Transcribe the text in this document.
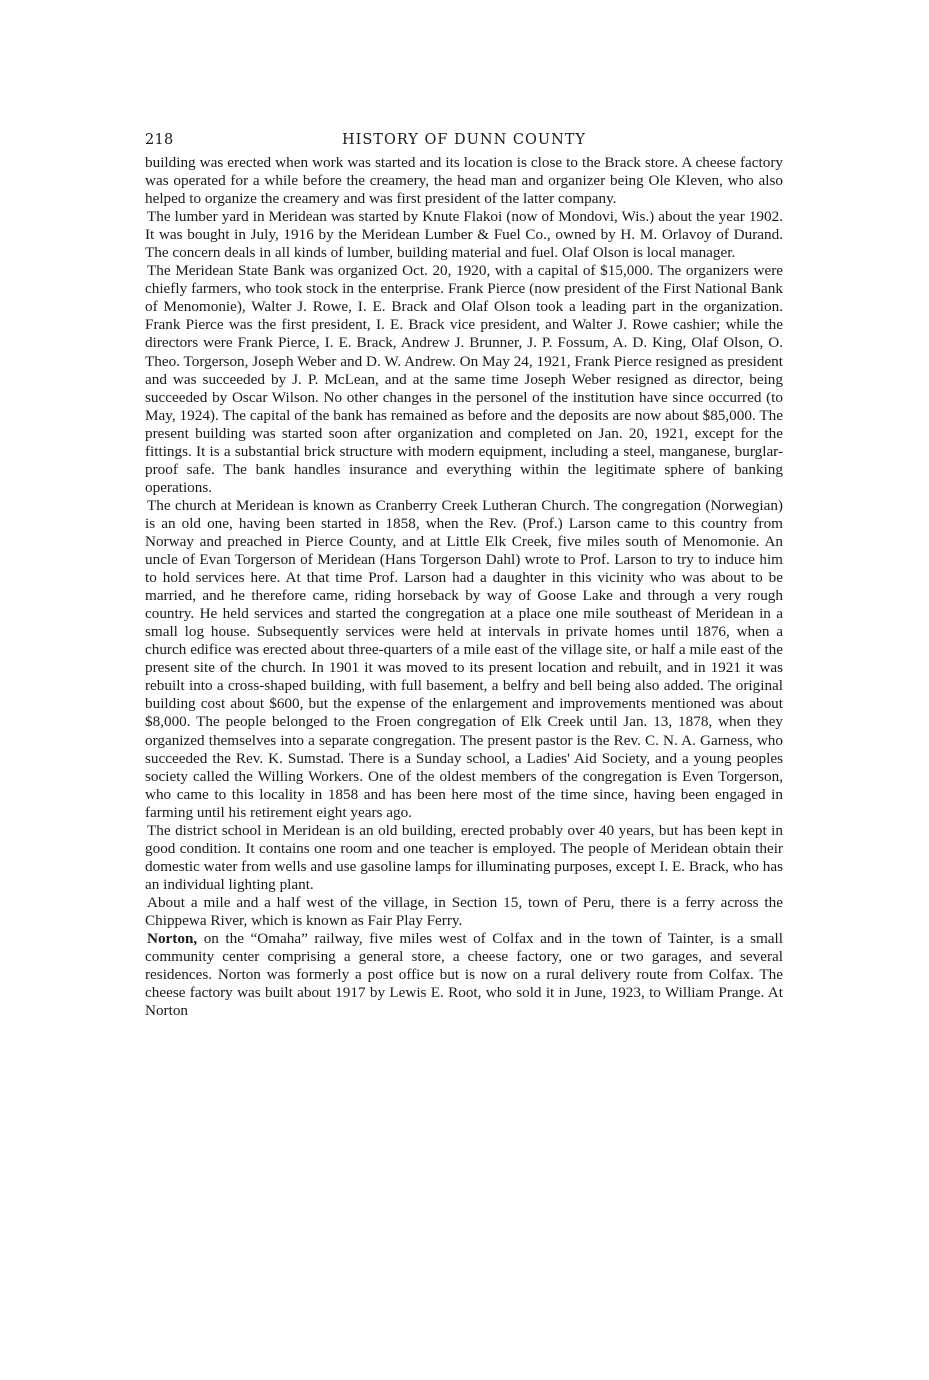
218	HISTORY OF DUNN COUNTY

building was erected when work was started and its location is close to the Brack store. A cheese factory was operated for a while before the creamery, the head man and organizer being Ole Kleven, who also helped to organize the creamery and was first president of the latter company.

The lumber yard in Meridean was started by Knute Flakoi (now of Mondovi, Wis.) about the year 1902. It was bought in July, 1916 by the Meridean Lumber & Fuel Co., owned by H. M. Orlavoy of Durand. The concern deals in all kinds of lumber, building material and fuel. Olaf Olson is local manager.

The Meridean State Bank was organized Oct. 20, 1920, with a capital of $15,000. The organizers were chiefly farmers, who took stock in the enterprise. Frank Pierce (now president of the First National Bank of Menomonie), Walter J. Rowe, I. E. Brack and Olaf Olson took a leading part in the organization. Frank Pierce was the first president, I. E. Brack vice president, and Walter J. Rowe cashier; while the directors were Frank Pierce, I. E. Brack, Andrew J. Brunner, J. P. Fossum, A. D. King, Olaf Olson, O. Theo. Torgerson, Joseph Weber and D. W. Andrew. On May 24, 1921, Frank Pierce resigned as president and was succeeded by J. P. McLean, and at the same time Joseph Weber resigned as director, being succeeded by Oscar Wilson. No other changes in the personel of the institution have since occurred (to May, 1924). The capital of the bank has remained as before and the deposits are now about $85,000. The present building was started soon after organization and completed on Jan. 20, 1921, except for the fittings. It is a substantial brick structure with modern equipment, including a steel, manganese, burglar-proof safe. The bank handles insurance and everything within the legitimate sphere of banking operations.

The church at Meridean is known as Cranberry Creek Lutheran Church. The congregation (Norwegian) is an old one, having been started in 1858, when the Rev. (Prof.) Larson came to this country from Norway and preached in Pierce County, and at Little Elk Creek, five miles south of Menomonie. An uncle of Evan Torgerson of Meridean (Hans Torgerson Dahl) wrote to Prof. Larson to try to induce him to hold services here. At that time Prof. Larson had a daughter in this vicinity who was about to be married, and he therefore came, riding horseback by way of Goose Lake and through a very rough country. He held services and started the congregation at a place one mile southeast of Meridean in a small log house. Subsequently services were held at intervals in private homes until 1876, when a church edifice was erected about three-quarters of a mile east of the village site, or half a mile east of the present site of the church. In 1901 it was moved to its present location and rebuilt, and in 1921 it was rebuilt into a cross-shaped building, with full basement, a belfry and bell being also added. The original building cost about $600, but the expense of the enlargement and improvements mentioned was about $8,000. The people belonged to the Froen congregation of Elk Creek until Jan. 13, 1878, when they organized themselves into a separate congregation. The present pastor is the Rev. C. N. A. Garness, who succeeded the Rev. K. Sumstad. There is a Sunday school, a Ladies' Aid Society, and a young peoples society called the Willing Workers. One of the oldest members of the congregation is Even Torgerson, who came to this locality in 1858 and has been here most of the time since, having been engaged in farming until his retirement eight years ago.

The district school in Meridean is an old building, erected probably over 40 years, but has been kept in good condition. It contains one room and one teacher is employed. The people of Meridean obtain their domestic water from wells and use gasoline lamps for illuminating purposes, except I. E. Brack, who has an individual lighting plant.

About a mile and a half west of the village, in Section 15, town of Peru, there is a ferry across the Chippewa River, which is known as Fair Play Ferry.

Norton, on the “Omaha” railway, five miles west of Colfax and in the town of Tainter, is a small community center comprising a general store, a cheese factory, one or two garages, and several residences. Norton was formerly a post office but is now on a rural delivery route from Colfax. The cheese factory was built about 1917 by Lewis E. Root, who sold it in June, 1923, to William Prange. At Norton
